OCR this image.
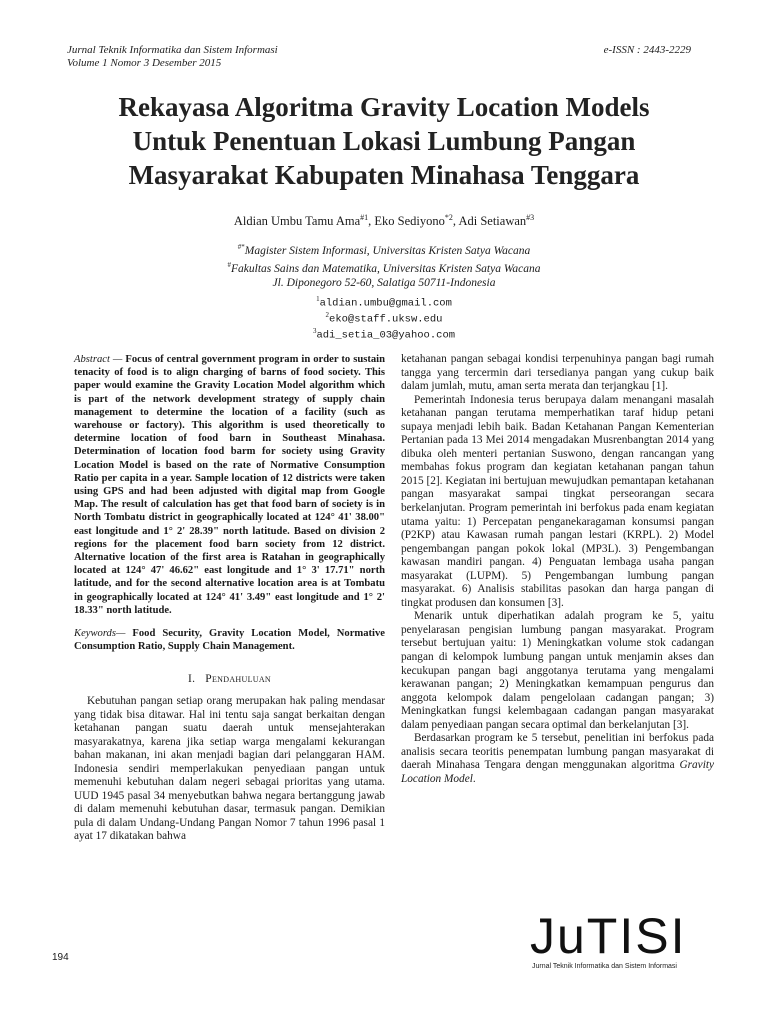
Jurnal Teknik Informatika dan Sistem Informasi
Volume 1 Nomor 3 Desember 2015
e-ISSN : 2443-2229
Rekayasa Algoritma Gravity Location Models
Untuk Penentuan Lokasi Lumbung Pangan
Masyarakat Kabupaten Minahasa Tenggara
Aldian Umbu Tamu Ama$^{\#1}$, Eko Sediyono$^{*2}$, Adi Setiawan$^{\#3}$
#*Magister Sistem Informasi, Universitas Kristen Satya Wacana
#Fakultas Sains dan Matematika, Universitas Kristen Satya Wacana
Jl. Diponegoro 52-60, Salatiga 50711-Indonesia
$^1$aldian.umbu@gmail.com
$^2$eko@staff.uksw.edu
$^3$adi_setia_03@yahoo.com

Abstract — Focus of central government program in order to sustain tenacity of food is to align charging of barns of food society. This paper would examine the Gravity Location Model algorithm which is part of the network development strategy of supply chain management to determine the location of a facility (such as warehouse or factory). This algorithm is used theoretically to determine location of food barn in Southeast Minahasa. Determination of location food barm for society using Gravity Location Model is based on the rate of Normative Consumption Ratio per capita in a year. Sample location of 12 districts were taken using GPS and had been adjusted with digital map from Google Map. The result of calculation has get that food barn of society is in North Tombatu district in geographically located at 124° 41' 38.00" east longitude and 1° 2' 28.39" north latitude. Based on division 2 regions for the placement food barn society from 12 district. Alternative location of the first area is Ratahan in geographically located at 124° 47' 46.62" east longitude and 1° 3' 17.71" north latitude, and for the second alternative location area is at Tombatu in geographically located at 124° 41' 3.49" east longitude and 1° 2' 18.33" north latitude.

Keywords— Food Security, Gravity Location Model, Normative Consumption Ratio, Supply Chain Management.

I. Pendahuluan

Kebutuhan pangan setiap orang merupakan hak paling mendasar yang tidak bisa ditawar. Hal ini tentu saja sangat berkaitan dengan ketahanan pangan suatu daerah untuk mensejahterakan masyarakatnya, karena jika setiap warga mengalami kekurangan bahan makanan, ini akan menjadi bagian dari pelanggaran HAM. Indonesia sendiri memperlakukan penyediaan pangan untuk memenuhi kebutuhan dalam negeri sebagai prioritas yang utama. UUD 1945 pasal 34 menyebutkan bahwa negara bertanggung jawab di dalam memenuhi kebutuhan dasar, termasuk pangan. Demikian pula di dalam Undang-Undang Pangan Nomor 7 tahun 1996 pasal 1 ayat 17 dikatakan bahwa

ketahanan pangan sebagai kondisi terpenuhinya pangan bagi rumah tangga yang tercermin dari tersedianya pangan yang cukup baik dalam jumlah, mutu, aman serta merata dan terjangkau [1].

Pemerintah Indonesia terus berupaya dalam menangani masalah ketahanan pangan terutama memperhatikan taraf hidup petani supaya menjadi lebih baik. Badan Ketahanan Pangan Kementerian Pertanian pada 13 Mei 2014 mengadakan Musrenbangtan 2014 yang dibuka oleh menteri pertanian Suswono, dengan rancangan yang membahas fokus program dan kegiatan ketahanan pangan tahun 2015 [2]. Kegiatan ini bertujuan mewujudkan pemantapan ketahanan pangan masyarakat sampai tingkat perseorangan secara berkelanjutan. Program pemerintah ini berfokus pada enam kegiatan utama yaitu: 1) Percepatan penganekaragaman konsumsi pangan (P2KP) atau Kawasan rumah pangan lestari (KRPL). 2) Model pengembangan pangan pokok lokal (MP3L). 3) Pengembangan kawasan mandiri pangan. 4) Penguatan lembaga usaha pangan masyarakat (LUPM). 5) Pengembangan lumbung pangan masyarakat. 6) Analisis stabilitas pasokan dan harga pangan di tingkat produsen dan konsumen [3].

Menarik untuk diperhatikan adalah program ke 5, yaitu penyelarasan pengisian lumbung pangan masyarakat. Program tersebut bertujuan yaitu: 1) Meningkatkan volume stok cadangan pangan di kelompok lumbung pangan untuk menjamin akses dan kecukupan pangan bagi anggotanya terutama yang mengalami kerawanan pangan; 2) Meningkatkan kemampuan pengurus dan anggota kelompok dalam pengelolaan cadangan pangan; 3) Meningkatkan fungsi kelembagaan cadangan pangan masyarakat dalam penyediaan pangan secara optimal dan berkelanjutan [3].

Berdasarkan program ke 5 tersebut, penelitian ini berfokus pada analisis secara teoritis penempatan lumbung pangan masyarakat di daerah Minahasa Tengara dengan menggunakan algoritma Gravity Location Model.

194	JuTISI
Jurnal Teknik Informatika dan Sistem Informasi
